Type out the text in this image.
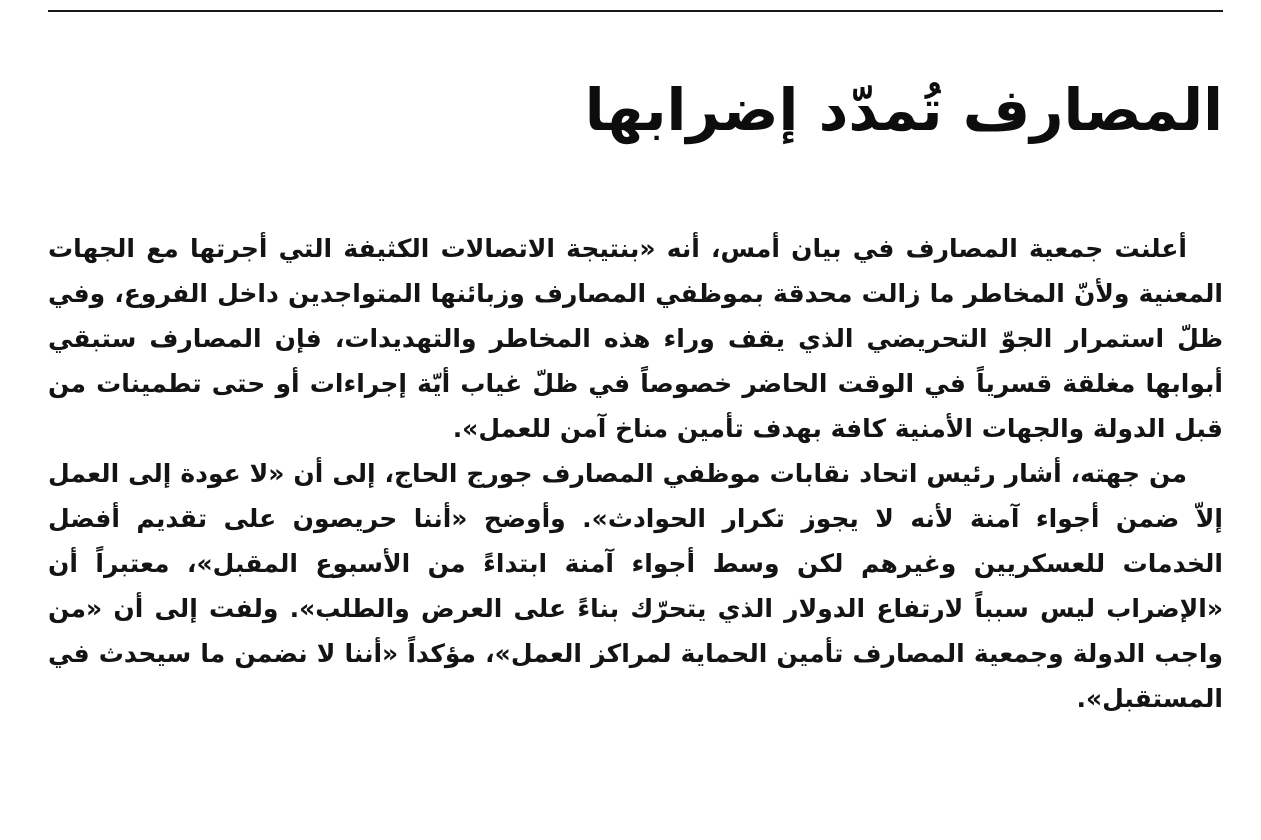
المصارف تُمدّد إضرابها

أعلنت جمعية المصارف في بيان أمس، أنه «بنتيجة الاتصالات الكثيفة التي أجرتها مع الجهات المعنية ولأنّ المخاطر ما زالت محدقة بموظفي المصارف وزبائنها المتواجدين داخل الفروع، وفي ظلّ استمرار الجوّ التحريضي الذي يقف وراء هذه المخاطر والتهديدات، فإن المصارف ستبقي أبوابها مغلقة قسرياً في الوقت الحاضر خصوصاً في ظلّ غياب أيّة إجراءات أو حتى تطمينات من قبل الدولة والجهات الأمنية كافة بهدف تأمين مناخ آمن للعمل».

من جهته، أشار رئيس اتحاد نقابات موظفي المصارف جورج الحاج، إلى أن «لا عودة إلى العمل إلاّ ضمن أجواء آمنة لأنه لا يجوز تكرار الحوادث». وأوضح «أننا حريصون على تقديم أفضل الخدمات للعسكريين وغيرهم لكن وسط أجواء آمنة ابتداءً من الأسبوع المقبل»، معتبراً أن «الإضراب ليس سبباً لارتفاع الدولار الذي يتحرّك بناءً على العرض والطلب». ولفت إلى أن «من واجب الدولة وجمعية المصارف تأمين الحماية لمراكز العمل»، مؤكداً «أننا لا نضمن ما سيحدث في المستقبل».
